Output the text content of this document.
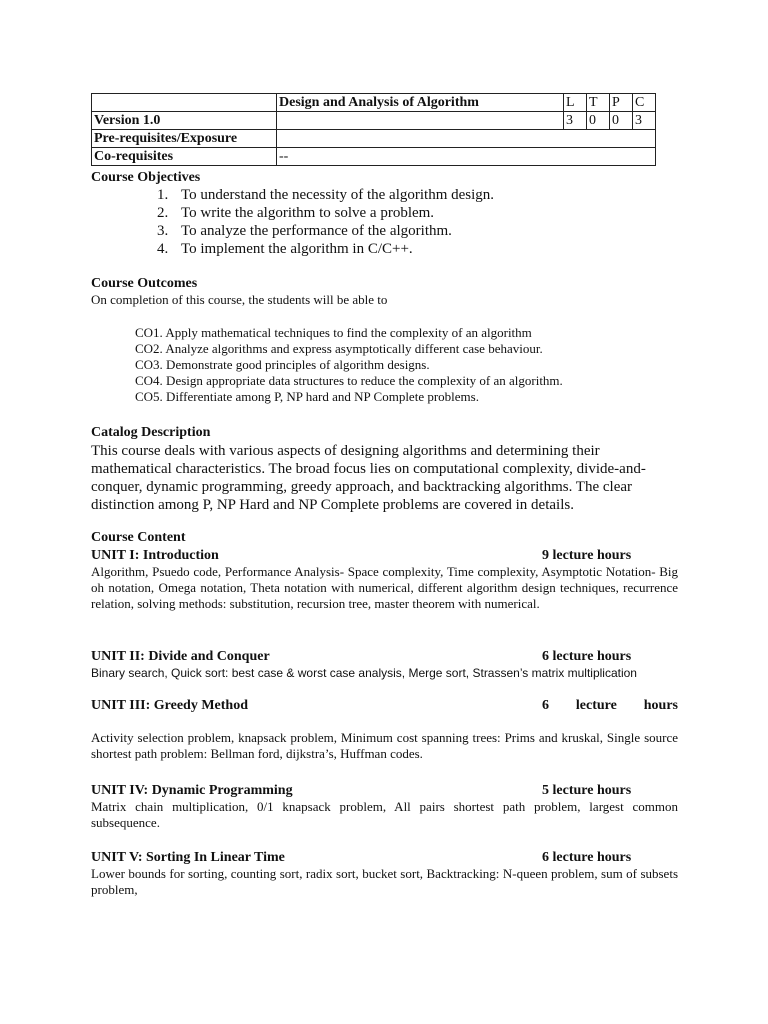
	Design and Analysis of Algorithm	L	T	P	C
Version 1.0		3	0	0	3
Pre-requisites/Exposure					
Co-requisites	--				
Course Objectives
1. To understand the necessity of the algorithm design.
2. To write the algorithm to solve a problem.
3. To analyze the performance of the algorithm.
4. To implement the algorithm in C/C++.
Course Outcomes
On completion of this course, the students will be able to
CO1. Apply mathematical techniques to find the complexity of an algorithm
CO2. Analyze algorithms and express asymptotically different case behaviour.
CO3. Demonstrate good principles of algorithm designs.
CO4. Design appropriate data structures to reduce the complexity of an algorithm.
CO5. Differentiate among P, NP hard and NP Complete problems.
Catalog Description
This course deals with various aspects of designing algorithms and determining their mathematical characteristics. The broad focus lies on computational complexity, divide-and-conquer, dynamic programming, greedy approach, and backtracking algorithms. The clear distinction among P, NP Hard and NP Complete problems are covered in details.
Course Content
UNIT I: Introduction	9 lecture hours
Algorithm, Psuedo code, Performance Analysis- Space complexity, Time complexity, Asymptotic Notation- Big oh notation, Omega notation, Theta notation with numerical, different algorithm design techniques, recurrence relation, solving methods: substitution, recursion tree, master theorem with numerical.
UNIT II: Divide and Conquer	6 lecture hours
Binary search, Quick sort: best case & worst case analysis, Merge sort, Strassen’s matrix multiplication
UNIT III: Greedy Method	6 lecture hours
Activity selection problem, knapsack problem, Minimum cost spanning trees: Prims and kruskal, Single source shortest path problem: Bellman ford, dijkstra’s, Huffman codes.
UNIT IV: Dynamic Programming	5 lecture hours
Matrix chain multiplication, 0/1 knapsack problem, All pairs shortest path problem, largest common subsequence.
UNIT V: Sorting In Linear Time	6 lecture hours
Lower bounds for sorting, counting sort, radix sort, bucket sort, Backtracking: N-queen problem, sum of subsets problem,
